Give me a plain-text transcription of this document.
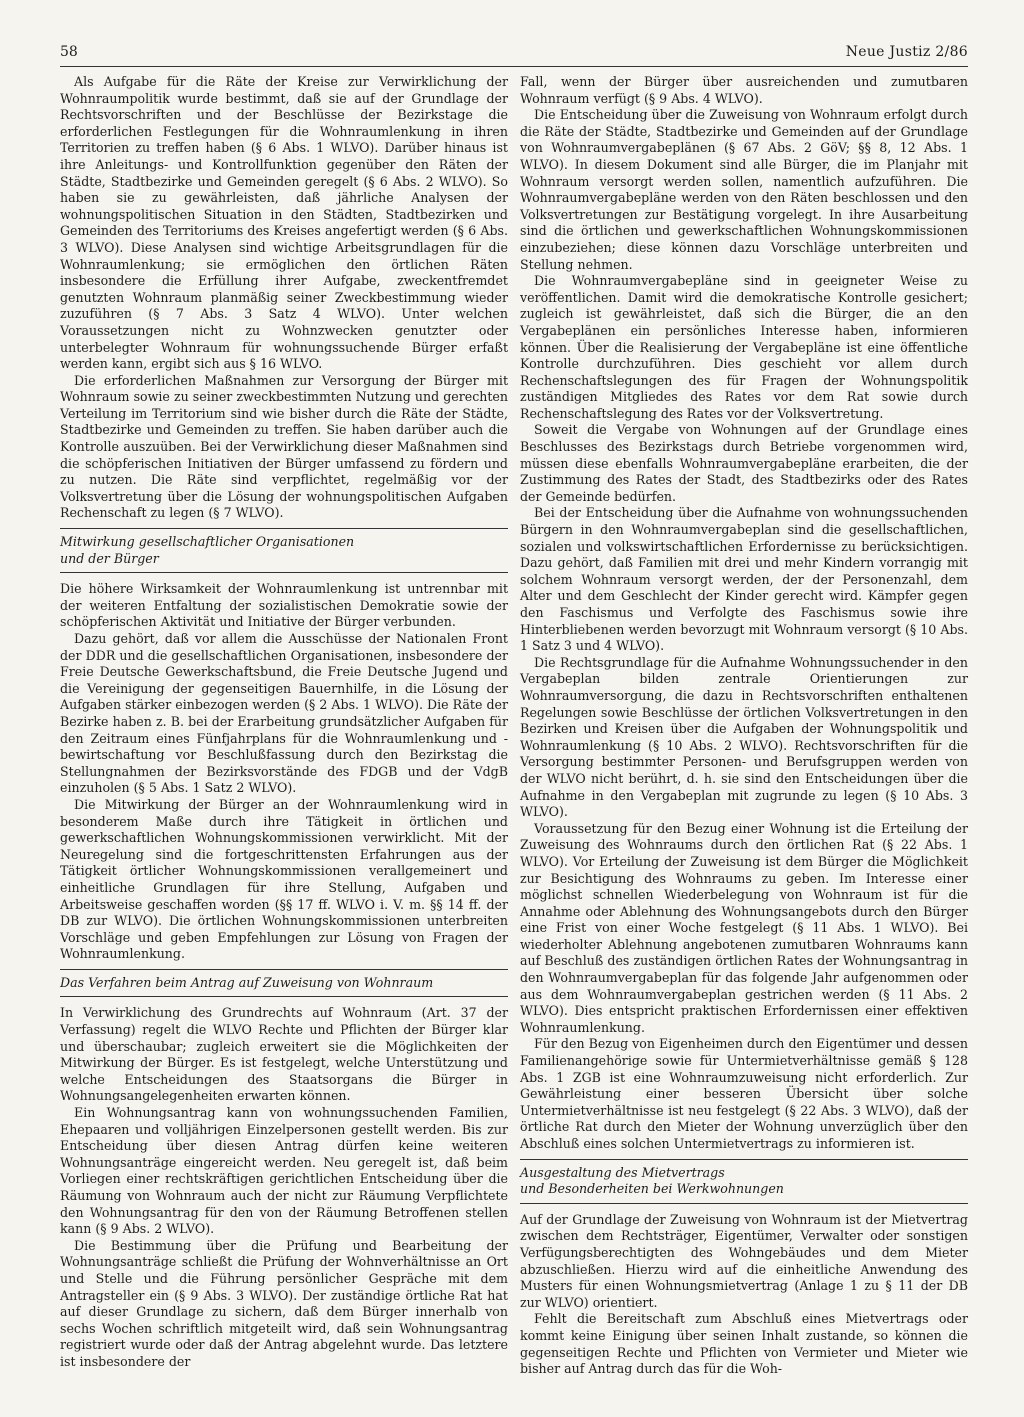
58	Neue Justiz 2/86

Als Aufgabe für die Räte der Kreise zur Verwirklichung der Wohnraumpolitik wurde bestimmt, daß sie auf der Grundlage der Rechtsvorschriften und der Beschlüsse der Bezirkstage die erforderlichen Festlegungen für die Wohnraumlenkung in ihren Territorien zu treffen haben (§ 6 Abs. 1 WLVO). Darüber hinaus ist ihre Anleitungs- und Kontrollfunktion gegenüber den Räten der Städte, Stadtbezirke und Gemeinden geregelt (§ 6 Abs. 2 WLVO). So haben sie zu gewährleisten, daß jährliche Analysen der wohnungspolitischen Situation in den Städten, Stadtbezirken und Gemeinden des Territoriums des Kreises angefertigt werden (§ 6 Abs. 3 WLVO). Diese Analysen sind wichtige Arbeitsgrundlagen für die Wohnraumlenkung; sie ermöglichen den örtlichen Räten insbesondere die Erfüllung ihrer Aufgabe, zweckentfremdet genutzten Wohnraum planmäßig seiner Zweckbestimmung wieder zuzuführen (§ 7 Abs. 3 Satz 4 WLVO). Unter welchen Voraussetzungen nicht zu Wohnzwecken genutzter oder unterbelegter Wohnraum für wohnungssuchende Bürger erfaßt werden kann, ergibt sich aus § 16 WLVO.

Die erforderlichen Maßnahmen zur Versorgung der Bürger mit Wohnraum sowie zu seiner zweckbestimmten Nutzung und gerechten Verteilung im Territorium sind wie bisher durch die Räte der Städte, Stadtbezirke und Gemeinden zu treffen. Sie haben darüber auch die Kontrolle auszuüben. Bei der Verwirklichung dieser Maßnahmen sind die schöpferischen Initiativen der Bürger umfassend zu fördern und zu nutzen. Die Räte sind verpflichtet, regelmäßig vor der Volksvertretung über die Lösung der wohnungspolitischen Aufgaben Rechenschaft zu legen (§ 7 WLVO).

Mitwirkung gesellschaftlicher Organisationen
und der Bürger

Die höhere Wirksamkeit der Wohnraumlenkung ist untrennbar mit der weiteren Entfaltung der sozialistischen Demokratie sowie der schöpferischen Aktivität und Initiative der Bürger verbunden.

Dazu gehört, daß vor allem die Ausschüsse der Nationalen Front der DDR und die gesellschaftlichen Organisationen, insbesondere der Freie Deutsche Gewerkschaftsbund, die Freie Deutsche Jugend und die Vereinigung der gegenseitigen Bauernhilfe, in die Lösung der Aufgaben stärker einbezogen werden (§ 2 Abs. 1 WLVO). Die Räte der Bezirke haben z. B. bei der Erarbeitung grundsätzlicher Aufgaben für den Zeitraum eines Fünfjahrplans für die Wohnraumlenkung und -bewirtschaftung vor Beschlußfassung durch den Bezirkstag die Stellungnahmen der Bezirksvorstände des FDGB und der VdgB einzuholen (§ 5 Abs. 1 Satz 2 WLVO).

Die Mitwirkung der Bürger an der Wohnraumlenkung wird in besonderem Maße durch ihre Tätigkeit in örtlichen und gewerkschaftlichen Wohnungskommissionen verwirklicht. Mit der Neuregelung sind die fortgeschrittensten Erfahrungen aus der Tätigkeit örtlicher Wohnungskommissionen verallgemeinert und einheitliche Grundlagen für ihre Stellung, Aufgaben und Arbeitsweise geschaffen worden (§§ 17 ff. WLVO i. V. m. §§ 14 ff. der DB zur WLVO). Die örtlichen Wohnungskommissionen unterbreiten Vorschläge und geben Empfehlungen zur Lösung von Fragen der Wohnraumlenkung.

Das Verfahren beim Antrag auf Zuweisung von Wohnraum

In Verwirklichung des Grundrechts auf Wohnraum (Art. 37 der Verfassung) regelt die WLVO Rechte und Pflichten der Bürger klar und überschaubar; zugleich erweitert sie die Möglichkeiten der Mitwirkung der Bürger. Es ist festgelegt, welche Unterstützung und welche Entscheidungen des Staatsorgans die Bürger in Wohnungsangelegenheiten erwarten können.

Ein Wohnungsantrag kann von wohnungssuchenden Familien, Ehepaaren und volljährigen Einzelpersonen gestellt werden. Bis zur Entscheidung über diesen Antrag dürfen keine weiteren Wohnungsanträge eingereicht werden. Neu geregelt ist, daß beim Vorliegen einer rechtskräftigen gerichtlichen Entscheidung über die Räumung von Wohnraum auch der nicht zur Räumung Verpflichtete den Wohnungsantrag für den von der Räumung Betroffenen stellen kann (§ 9 Abs. 2 WLVO).

Die Bestimmung über die Prüfung und Bearbeitung der Wohnungsanträge schließt die Prüfung der Wohnverhältnisse an Ort und Stelle und die Führung persönlicher Gespräche mit dem Antragsteller ein (§ 9 Abs. 3 WLVO). Der zuständige örtliche Rat hat auf dieser Grundlage zu sichern, daß dem Bürger innerhalb von sechs Wochen schriftlich mitgeteilt wird, daß sein Wohnungsantrag registriert wurde oder daß der Antrag abgelehnt wurde. Das letztere ist insbesondere der

Fall, wenn der Bürger über ausreichenden und zumutbaren Wohnraum verfügt (§ 9 Abs. 4 WLVO).

Die Entscheidung über die Zuweisung von Wohnraum erfolgt durch die Räte der Städte, Stadtbezirke und Gemeinden auf der Grundlage von Wohnraumvergabeplänen (§ 67 Abs. 2 GöV; §§ 8, 12 Abs. 1 WLVO). In diesem Dokument sind alle Bürger, die im Planjahr mit Wohnraum versorgt werden sollen, namentlich aufzuführen. Die Wohnraumvergabepläne werden von den Räten beschlossen und den Volksvertretungen zur Bestätigung vorgelegt. In ihre Ausarbeitung sind die örtlichen und gewerkschaftlichen Wohnungskommissionen einzubeziehen; diese können dazu Vorschläge unterbreiten und Stellung nehmen.

Die Wohnraumvergabepläne sind in geeigneter Weise zu veröffentlichen. Damit wird die demokratische Kontrolle gesichert; zugleich ist gewährleistet, daß sich die Bürger, die an den Vergabeplänen ein persönliches Interesse haben, informieren können. Über die Realisierung der Vergabepläne ist eine öffentliche Kontrolle durchzuführen. Dies geschieht vor allem durch Rechenschaftslegungen des für Fragen der Wohnungspolitik zuständigen Mitgliedes des Rates vor dem Rat sowie durch Rechenschaftslegung des Rates vor der Volksvertretung.

Soweit die Vergabe von Wohnungen auf der Grundlage eines Beschlusses des Bezirkstags durch Betriebe vorgenommen wird, müssen diese ebenfalls Wohnraumvergabepläne erarbeiten, die der Zustimmung des Rates der Stadt, des Stadtbezirks oder des Rates der Gemeinde bedürfen.

Bei der Entscheidung über die Aufnahme von wohnungssuchenden Bürgern in den Wohnraumvergabeplan sind die gesellschaftlichen, sozialen und volkswirtschaftlichen Erfordernisse zu berücksichtigen. Dazu gehört, daß Familien mit drei und mehr Kindern vorrangig mit solchem Wohnraum versorgt werden, der der Personenzahl, dem Alter und dem Geschlecht der Kinder gerecht wird. Kämpfer gegen den Faschismus und Verfolgte des Faschismus sowie ihre Hinterbliebenen werden bevorzugt mit Wohnraum versorgt (§ 10 Abs. 1 Satz 3 und 4 WLVO).

Die Rechtsgrundlage für die Aufnahme Wohnungssuchender in den Vergabeplan bilden zentrale Orientierungen zur Wohnraumversorgung, die dazu in Rechtsvorschriften enthaltenen Regelungen sowie Beschlüsse der örtlichen Volksvertretungen in den Bezirken und Kreisen über die Aufgaben der Wohnungspolitik und Wohnraumlenkung (§ 10 Abs. 2 WLVO). Rechtsvorschriften für die Versorgung bestimmter Personen- und Berufsgruppen werden von der WLVO nicht berührt, d. h. sie sind den Entscheidungen über die Aufnahme in den Vergabeplan mit zugrunde zu legen (§ 10 Abs. 3 WLVO).

Voraussetzung für den Bezug einer Wohnung ist die Erteilung der Zuweisung des Wohnraums durch den örtlichen Rat (§ 22 Abs. 1 WLVO). Vor Erteilung der Zuweisung ist dem Bürger die Möglichkeit zur Besichtigung des Wohnraums zu geben. Im Interesse einer möglichst schnellen Wiederbelegung von Wohnraum ist für die Annahme oder Ablehnung des Wohnungsangebots durch den Bürger eine Frist von einer Woche festgelegt (§ 11 Abs. 1 WLVO). Bei wiederholter Ablehnung angebotenen zumutbaren Wohnraums kann auf Beschluß des zuständigen örtlichen Rates der Wohnungsantrag in den Wohnraumvergabeplan für das folgende Jahr aufgenommen oder aus dem Wohnraumvergabeplan gestrichen werden (§ 11 Abs. 2 WLVO). Dies entspricht praktischen Erfordernissen einer effektiven Wohnraumlenkung.

Für den Bezug von Eigenheimen durch den Eigentümer und dessen Familienangehörige sowie für Untermietverhältnisse gemäß § 128 Abs. 1 ZGB ist eine Wohnraumzuweisung nicht erforderlich. Zur Gewährleistung einer besseren Übersicht über solche Untermietverhältnisse ist neu festgelegt (§ 22 Abs. 3 WLVO), daß der örtliche Rat durch den Mieter der Wohnung unverzüglich über den Abschluß eines solchen Untermietvertrags zu informieren ist.

Ausgestaltung des Mietvertrags
und Besonderheiten bei Werkwohnungen

Auf der Grundlage der Zuweisung von Wohnraum ist der Mietvertrag zwischen dem Rechtsträger, Eigentümer, Verwalter oder sonstigen Verfügungsberechtigten des Wohngebäudes und dem Mieter abzuschließen. Hierzu wird auf die einheitliche Anwendung des Musters für einen Wohnungsmietvertrag (Anlage 1 zu § 11 der DB zur WLVO) orientiert.

Fehlt die Bereitschaft zum Abschluß eines Mietvertrags oder kommt keine Einigung über seinen Inhalt zustande, so können die gegenseitigen Rechte und Pflichten von Vermieter und Mieter wie bisher auf Antrag durch das für die Woh-
